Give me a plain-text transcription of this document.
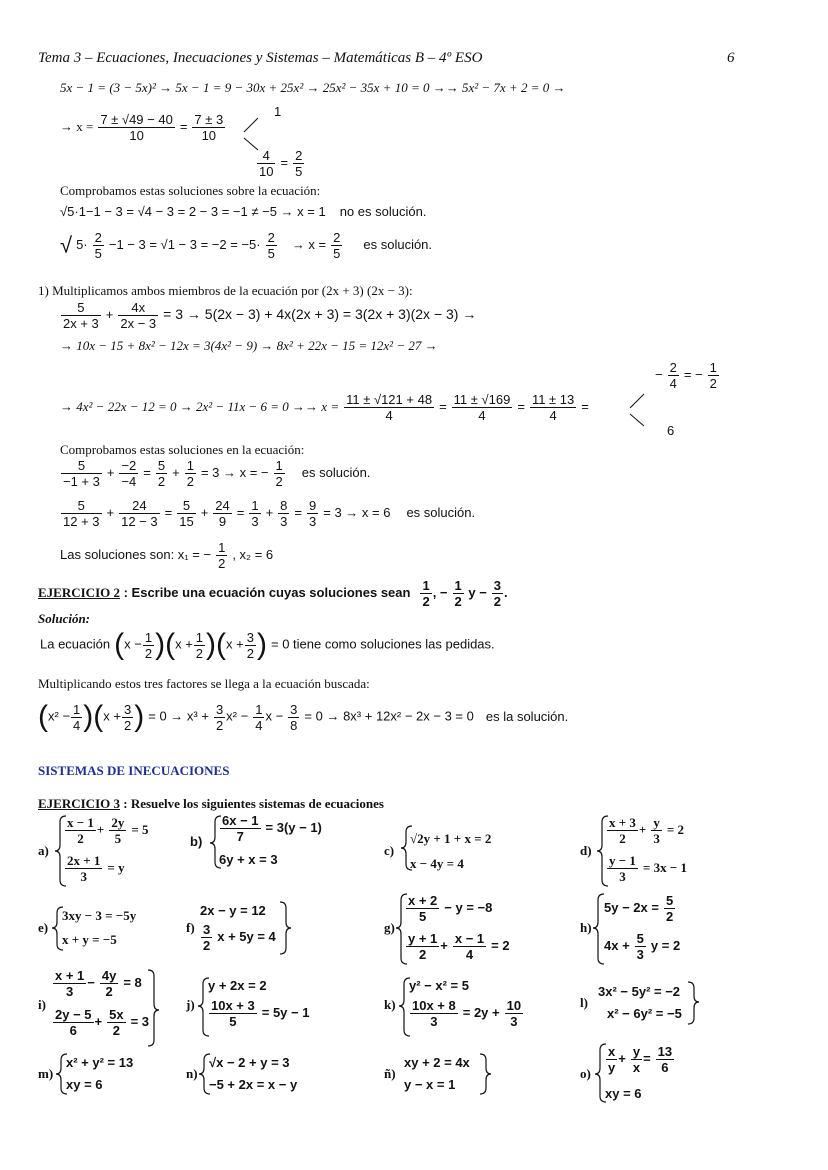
Tema 3 – Ecuaciones, Inecuaciones y Sistemas – Matemáticas B – 4º ESO	6
5x − 1 = (3 − 5x)² → 5x − 1 = 9 − 30x + 25x² → 25x² − 35x + 10 = 0 →→ 5x² − 7x + 2 = 0 →
→ $x = \frac{7 \pm √49 - 40}{10} = \frac{7 \pm 3}{10}$
1
$\frac{4}{10} = \frac{2}{5}$
Comprobamos estas soluciones sobre la ecuación:
√5·1−1 − 3 = √4 − 3 = 2 − 3 = −1 ≠ −5 → x = 1 no es solución.
√ $5\cdot \frac{2}{5} -1 - 3 = √1 - 3 = -2 = -5\cdot \frac{2}{5} \to x = \frac{2}{5}$ es solución.
1) Multiplicamos ambos miembros de la ecuación por (2x + 3) (2x − 3):
$\frac{5}{2x + 3} + \frac{4x}{2x - 3} = 3 \to 5(2x - 3) + 4x(2x + 3) = 3(2x + 3)(2x - 3)$ →
→ 10x − 15 + 8x² − 12x = 3(4x² − 9) → 8x² + 22x − 15 = 12x² − 27 →
→ $4x^2 - 22x - 12 = 0 \to 2x^2 - 11x - 6 = 0 \to\to x = \frac{11 \pm √121 + 48}{4} = \frac{11 \pm √169}{4} = \frac{11 \pm 13}{4}$ =
− $\frac{2}{4}$ = − $\frac{1}{2}$
6
Comprobamos estas soluciones en la ecuación:
$\frac{5}{-1 + 3} + \frac{-2}{-4} = \frac{5}{2} + \frac{1}{2} = 3 \to x$ = − $\frac{1}{2}$ es solución.
$\frac{5}{12 + 3} + \frac{24}{12 - 3} = \frac{5}{15} + \frac{24}{9} = \frac{1}{3} + \frac{8}{3} = \frac{9}{3} = 3 \to x = 6$ es solución.
Las soluciones son: x₁ = − $\frac{1}{2}$ , x₂ = 6
EJERCICIO 2 : Escribe una ecuación cuyas soluciones sean $\frac{1}{2}$ , − $\frac{1}{2}$ $y - \frac{3}{2}$ .
Solución:
La ecuación $(x - \frac{1}{2} )(x + \frac{1}{2} )(x + \frac{3}{2}$ ) = 0 tiene como soluciones las pedidas.
Multiplicando estos tres factores se llega a la ecuación buscada:
$(x^2 - \frac{1}{4} )(x + \frac{3}{2}$ ) = $0 \to x^3 + \frac{3}{2} x^2 - \frac{1}{4}$ $x - \frac{3}{8} = 0 \to 8x^3 + 12x^2 - 2x - 3 = 0$ es la solución.
SISTEMAS DE INECUACIONES
EJERCICIO 3 : Resuelve los siguientes sistemas de ecuaciones
a)
$\frac{x - 1}{2} + \frac{2y}{5} = 5$
$\frac{2x + 1}{3} = y$
$b) \frac{6x - 1}{7} = 3(y - 1)$
6y + x = 3
c)
√2y + 1 + x = 2
x − 4y = 4
d)
$\frac{x + 3}{2} + \frac{y}{3} = 2$
$\frac{y - 1}{3} = 3x - 1$
e)
3xy − 3 = −5y
x + y = −5
f)
2x − y = 12
$\frac{3}{2}$ x + 5y = 4
g)
$\frac{x + 2}{5} - y = -8$
$\frac{y + 1}{2} + \frac{x - 1}{4} = 2$
h)
$5y - 2x = \frac{5}{2}$
$4x + \frac{5}{3}$ y = 2
i)
$\frac{x + 1}{3} - \frac{4y}{2} = 8$
$\frac{2y - 5}{6} + \frac{5x}{2} = 3$
j)
y + 2x = 2
$\frac{10x + 3}{5} = 5y - 1$
k)
y² − x² = 5
$\frac{10x + 8}{3} = 2y + \frac{10}{3}$	l)
3x² − 5y² = −2
x² − 6y² = −5
m)
x² + y² = 13
xy = 6
n)
√x − 2 + y = 3
−5 + 2x = x − y
ñ)
xy + 2 = 4x
y − x = 1
$o) \frac{x}{y} + \frac{y}{x} = \frac{13}{6}$
xy = 6
